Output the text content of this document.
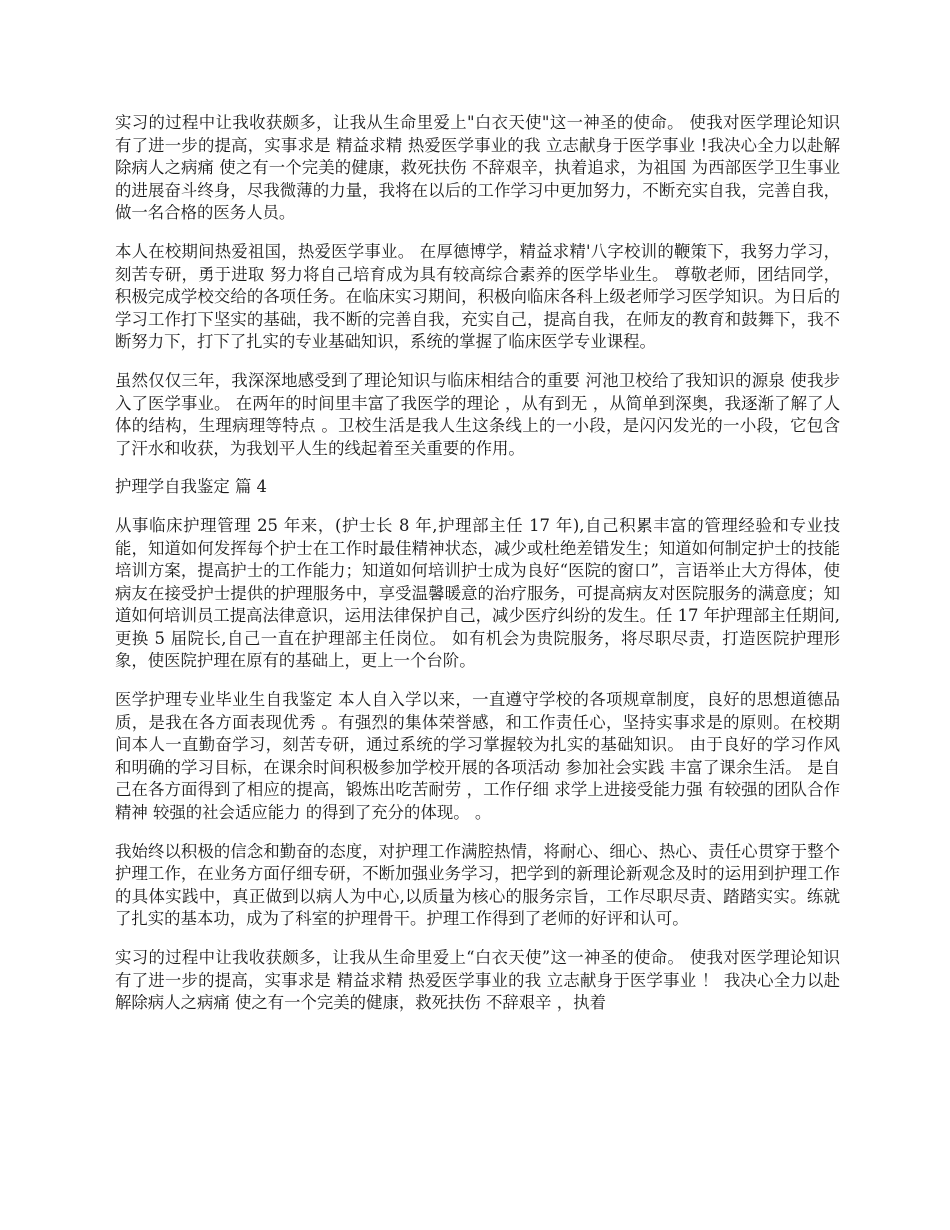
实习的过程中让我收获颇多，让我从生命里爱上"白衣天使"这一神圣的使命。 使我对医学理论知识有了进一步的提高，实事求是 精益求精 热爱医学事业的我 立志献身于医学事业 !我决心全力以赴解除病人之病痛 使之有一个完美的健康，救死扶伤 不辞艰辛，执着追求，为祖国 为西部医学卫生事业的进展奋斗终身，尽我微薄的力量，我将在以后的工作学习中更加努力，不断充实自我，完善自我，做一名合格的医务人员。

本人在校期间热爱祖国，热爱医学事业。 在厚德博学，精益求精'八字校训的鞭策下，我努力学习，刻苦专研，勇于进取 努力将自己培育成为具有较高综合素养的医学毕业生。 尊敬老师，团结同学，积极完成学校交给的各项任务。在临床实习期间，积极向临床各科上级老师学习医学知识。为日后的学习工作打下坚实的基础，我不断的完善自我，充实自己，提高自我，在师友的教育和鼓舞下，我不断努力下，打下了扎实的专业基础知识，系统的掌握了临床医学专业课程。

虽然仅仅三年，我深深地感受到了理论知识与临床相结合的重要 河池卫校给了我知识的源泉 使我步入了医学事业。 在两年的时间里丰富了我医学的理论 ，从有到无 ，从简单到深奥，我逐渐了解了人体的结构，生理病理等特点 。卫校生活是我人生这条线上的一小段，是闪闪发光的一小段，它包含了汗水和收获，为我划平人生的线起着至关重要的作用。

护理学自我鉴定 篇 4

从事临床护理管理 25 年来，(护士长 8 年,护理部主任 17 年),自己积累丰富的管理经验和专业技能，知道如何发挥每个护士在工作时最佳精神状态，减少或杜绝差错发生；知道如何制定护士的技能培训方案，提高护士的工作能力；知道如何培训护士成为良好“医院的窗口”，言语举止大方得体，使病友在接受护士提供的护理服务中，享受温馨暖意的治疗服务，可提高病友对医院服务的满意度；知道如何培训员工提高法律意识，运用法律保护自己，减少医疗纠纷的发生。任 17 年护理部主任期间,更换 5 届院长,自己一直在护理部主任岗位。 如有机会为贵院服务，将尽职尽责，打造医院护理形象，使医院护理在原有的基础上，更上一个台阶。

医学护理专业毕业生自我鉴定 本人自入学以来，一直遵守学校的各项规章制度，良好的思想道德品质，是我在各方面表现优秀 。有强烈的集体荣誉感，和工作责任心，坚持实事求是的原则。在校期间本人一直勤奋学习，刻苦专研，通过系统的学习掌握较为扎实的基础知识。 由于良好的学习作风和明确的学习目标，在课余时间积极参加学校开展的各项活动 参加社会实践 丰富了课余生活。 是自己在各方面得到了相应的提高，锻炼出吃苦耐劳 ，工作仔细 求学上进接受能力强 有较强的团队合作精神 较强的社会适应能力 的得到了充分的体现。 。

我始终以积极的信念和勤奋的态度，对护理工作满腔热情，将耐心、细心、热心、责任心贯穿于整个护理工作，在业务方面仔细专研，不断加强业务学习，把学到的新理论新观念及时的运用到护理工作的具体实践中，真正做到以病人为中心,以质量为核心的服务宗旨，工作尽职尽责、踏踏实实。练就了扎实的基本功，成为了科室的护理骨干。护理工作得到了老师的好评和认可。

实习的过程中让我收获颇多，让我从生命里爱上“白衣天使”这一神圣的使命。 使我对医学理论知识有了进一步的提高，实事求是 精益求精 热爱医学事业的我 立志献身于医学事业 ！ 我决心全力以赴解除病人之病痛 使之有一个完美的健康，救死扶伤 不辞艰辛 ，执着
